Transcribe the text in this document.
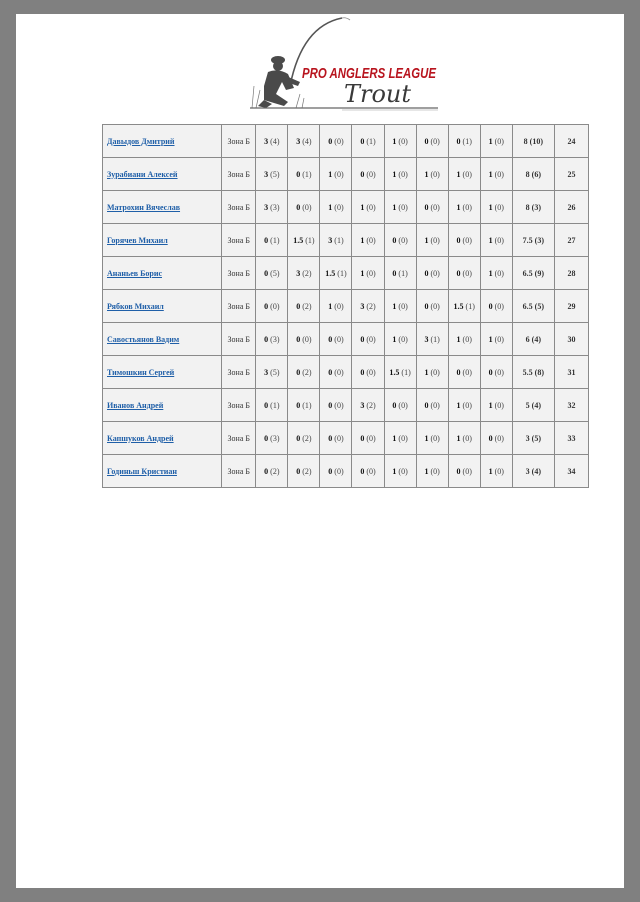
PRO ANGLERS LEAGUE
Trout
Давыдов Дмитрий	Зона Б	3 (4)	3 (4)	0 (0)	0 (1)	1 (0)	0 (0)	0 (1)	1 (0)	8 (10)	24
Зурабиани Алексей	Зона Б	3 (5)	0 (1)	1 (0)	0 (0)	1 (0)	1 (0)	1 (0)	1 (0)	8 (6)	25
Матрохин Вячеслав	Зона Б	3 (3)	0 (0)	1 (0)	1 (0)	1 (0)	0 (0)	1 (0)	1 (0)	8 (3)	26
Горячев Михаил	Зона Б	0 (1)	1.5 (1)	3 (1)	1 (0)	0 (0)	1 (0)	0 (0)	1 (0)	7.5 (3)	27
Ананьев Борис	Зона Б	0 (5)	3 (2)	1.5 (1)	1 (0)	0 (1)	0 (0)	0 (0)	1 (0)	6.5 (9)	28
Рябков Михаил	Зона Б	0 (0)	0 (2)	1 (0)	3 (2)	1 (0)	0 (0)	1.5 (1)	0 (0)	6.5 (5)	29
Савостьянов Вадим	Зона Б	0 (3)	0 (0)	0 (0)	0 (0)	1 (0)	3 (1)	1 (0)	1 (0)	6 (4)	30
Тимошкин Сергей	Зона Б	3 (5)	0 (2)	0 (0)	0 (0)	1.5 (1)	1 (0)	0 (0)	0 (0)	5.5 (8)	31
Иванов Андрей	Зона Б	0 (1)	0 (1)	0 (0)	3 (2)	0 (0)	0 (0)	1 (0)	1 (0)	5 (4)	32
Капшуков Андрей	Зона Б	0 (3)	0 (2)	0 (0)	0 (0)	1 (0)	1 (0)	1 (0)	0 (0)	3 (5)	33
Годиньш Кристиан	Зона Б	0 (2)	0 (2)	0 (0)	0 (0)	1 (0)	1 (0)	0 (0)	1 (0)	3 (4)	34
